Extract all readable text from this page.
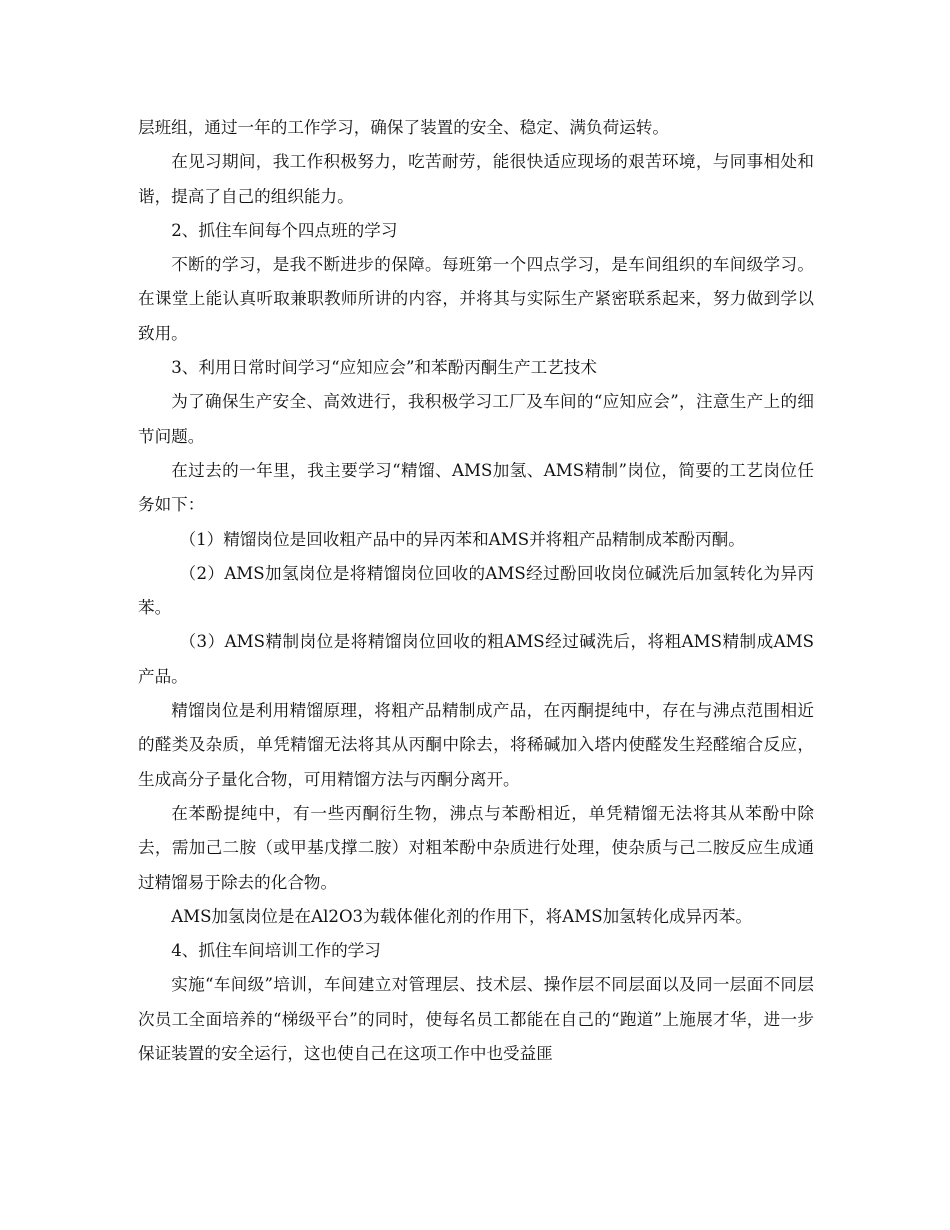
层班组，通过一年的工作学习，确保了装置的安全、稳定、满负荷运转。

在见习期间，我工作积极努力，吃苦耐劳，能很快适应现场的艰苦环境，与同事相处和谐，提高了自己的组织能力。

2、抓住车间每个四点班的学习

不断的学习，是我不断进步的保障。每班第一个四点学习，是车间组织的车间级学习。在课堂上能认真听取兼职教师所讲的内容，并将其与实际生产紧密联系起来，努力做到学以致用。

3、利用日常时间学习“应知应会”和苯酚丙酮生产工艺技术

为了确保生产安全、高效进行，我积极学习工厂及车间的“应知应会”，注意生产上的细节问题。

在过去的一年里，我主要学习“精馏、AMS加氢、AMS精制”岗位，简要的工艺岗位任务如下：

（1）精馏岗位是回收粗产品中的异丙苯和AMS并将粗产品精制成苯酚丙酮。

（2）AMS加氢岗位是将精馏岗位回收的AMS经过酚回收岗位碱洗后加氢转化为异丙苯。

（3）AMS精制岗位是将精馏岗位回收的粗AMS经过碱洗后，将粗AMS精制成AMS产品。

精馏岗位是利用精馏原理，将粗产品精制成产品，在丙酮提纯中，存在与沸点范围相近的醛类及杂质，单凭精馏无法将其从丙酮中除去，将稀碱加入塔内使醛发生羟醛缩合反应，生成高分子量化合物，可用精馏方法与丙酮分离开。

在苯酚提纯中，有一些丙酮衍生物，沸点与苯酚相近，单凭精馏无法将其从苯酚中除去，需加己二胺（或甲基戊撑二胺）对粗苯酚中杂质进行处理，使杂质与己二胺反应生成通过精馏易于除去的化合物。

AMS加氢岗位是在Al2O3为载体催化剂的作用下，将AMS加氢转化成异丙苯。

4、抓住车间培训工作的学习

实施“车间级”培训，车间建立对管理层、技术层、操作层不同层面以及同一层面不同层次员工全面培养的“梯级平台”的同时，使每名员工都能在自己的“跑道”上施展才华，进一步保证装置的安全运行，这也使自己在这项工作中也受益匪
